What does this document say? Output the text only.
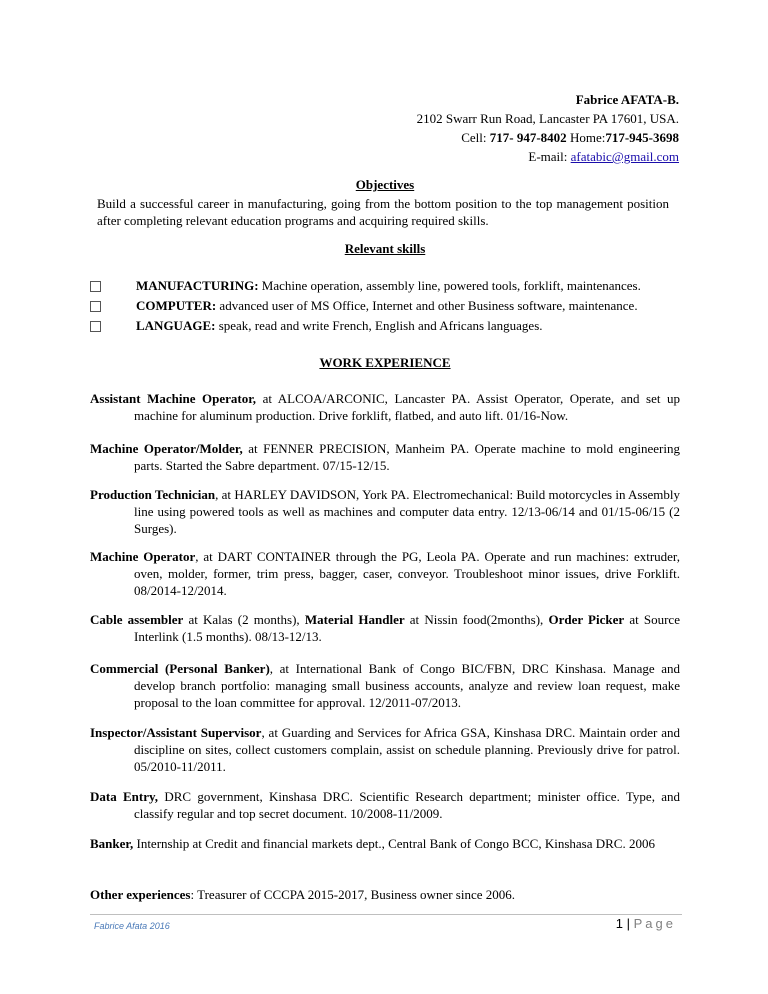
Fabrice AFATA-B.
2102 Swarr Run Road, Lancaster PA 17601, USA.
Cell: 717- 947-8402 Home:717-945-3698
E-mail: afatabic@gmail.com
Objectives
Build a successful career in manufacturing, going from the bottom position to the top management position after completing relevant education programs and acquiring required skills.
Relevant skills
MANUFACTURING: Machine operation, assembly line, powered tools, forklift, maintenances.
COMPUTER: advanced user of MS Office, Internet and other Business software, maintenance.
LANGUAGE: speak, read and write French, English and Africans languages.
WORK EXPERIENCE
Assistant Machine Operator, at ALCOA/ARCONIC, Lancaster PA. Assist Operator, Operate, and set up machine for aluminum production. Drive forklift, flatbed, and auto lift. 01/16-Now.
Machine Operator/Molder, at FENNER PRECISION, Manheim PA. Operate machine to mold engineering parts. Started the Sabre department. 07/15-12/15.
Production Technician, at HARLEY DAVIDSON, York PA. Electromechanical: Build motorcycles in Assembly line using powered tools as well as machines and computer data entry. 12/13-06/14 and 01/15-06/15 (2 Surges).
Machine Operator, at DART CONTAINER through the PG, Leola PA. Operate and run machines: extruder, oven, molder, former, trim press, bagger, caser, conveyor. Troubleshoot minor issues, drive Forklift. 08/2014-12/2014.
Cable assembler at Kalas (2 months), Material Handler at Nissin food(2months), Order Picker at Source Interlink (1.5 months). 08/13-12/13.
Commercial (Personal Banker), at International Bank of Congo BIC/FBN, DRC Kinshasa. Manage and develop branch portfolio: managing small business accounts, analyze and review loan request, make proposal to the loan committee for approval. 12/2011-07/2013.
Inspector/Assistant Supervisor, at Guarding and Services for Africa GSA, Kinshasa DRC. Maintain order and discipline on sites, collect customers complain, assist on schedule planning. Previously drive for patrol. 05/2010-11/2011.
Data Entry, DRC government, Kinshasa DRC. Scientific Research department; minister office. Type, and classify regular and top secret document. 10/2008-11/2009.
Banker, Internship at Credit and financial markets dept., Central Bank of Congo BCC, Kinshasa DRC. 2006
Other experiences: Treasurer of CCCPA 2015-2017, Business owner since 2006.
Fabrice Afata 2016	1 | Page
